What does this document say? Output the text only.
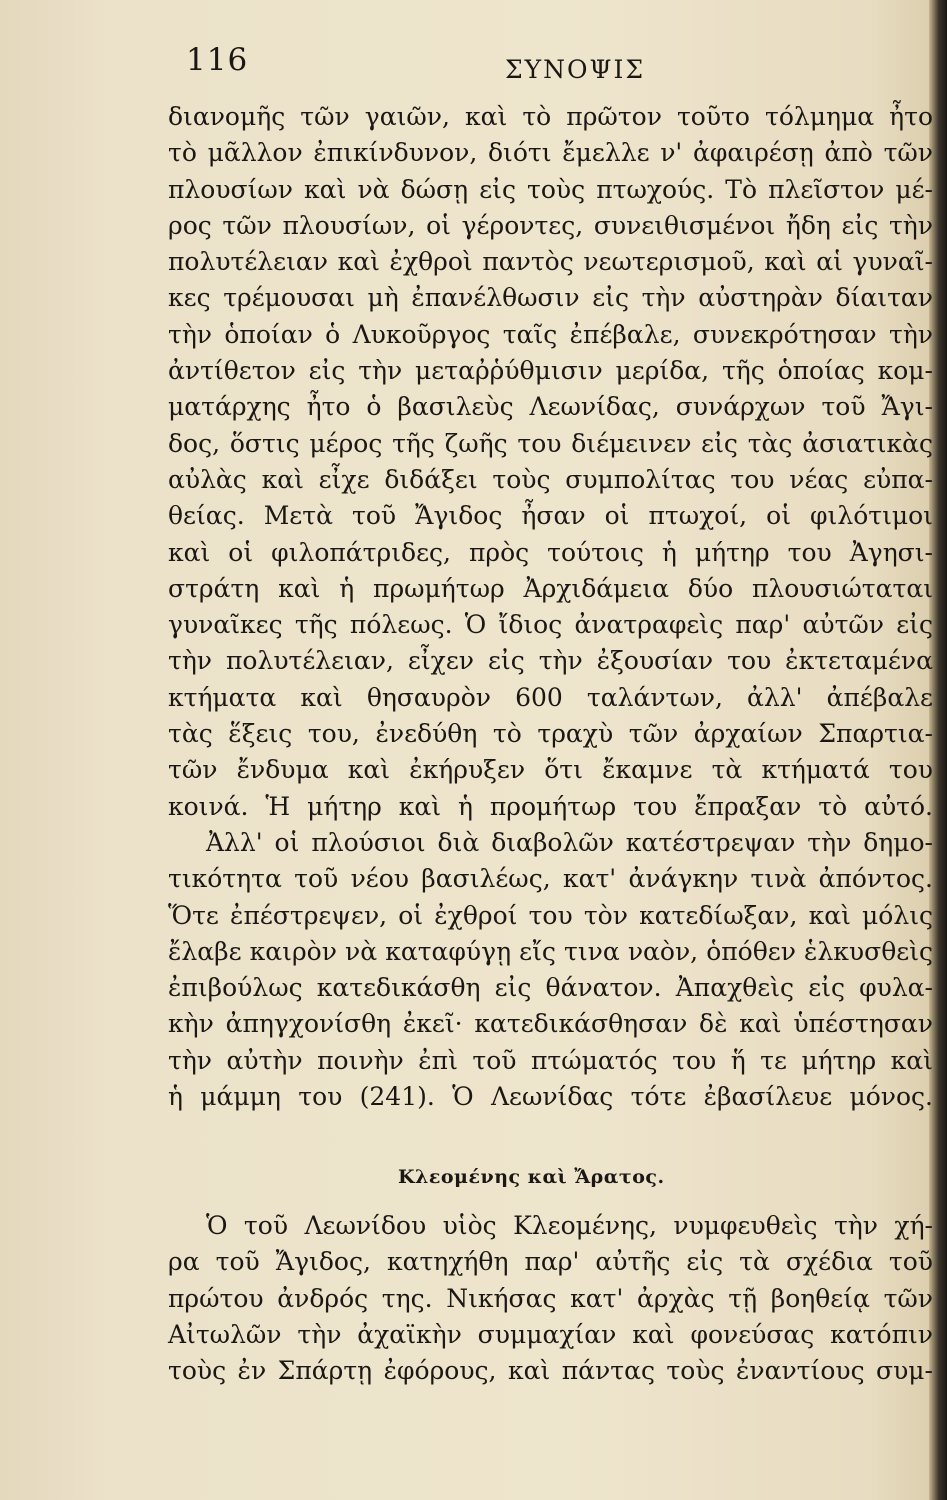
116	ΣΥΝΟΨΙΣ
διανομῆς τῶν γαιῶν, καὶ τὸ πρῶτον τοῦτο τόλμημα ἦτο
τὸ μᾶλλον ἐπικίνδυνον, διότι ἔμελλε ν' ἀφαιρέσῃ ἀπὸ τῶν
πλουσίων καὶ νὰ δώσῃ εἰς τοὺς πτωχούς. Τὸ πλεῖστον μέ-
ρος τῶν πλουσίων, οἱ γέροντες, συνειθισμένοι ἤδη εἰς τὴν
πολυτέλειαν καὶ ἐχθροὶ παντὸς νεωτερισμοῦ, καὶ αἱ γυναῖ-
κες τρέμουσαι μὴ ἐπανέλθωσιν εἰς τὴν αὐστηρὰν δίαιταν
τὴν ὁποίαν ὁ Λυκοῦργος ταῖς ἐπέβαλε, συνεκρότησαν τὴν
ἀντίθετον εἰς τὴν μεταῤῥύθμισιν μερίδα, τῆς ὁποίας κομ-
ματάρχης ἦτο ὁ βασιλεὺς Λεωνίδας, συνάρχων τοῦ Ἄγι-
δος, ὅστις μέρος τῆς ζωῆς του διέμεινεν εἰς τὰς ἀσιατικὰς
αὐλὰς καὶ εἶχε διδάξει τοὺς συμπολίτας του νέας εὐπα-
θείας. Μετὰ τοῦ Ἄγιδος ἦσαν οἱ πτωχοί, οἱ φιλότιμοι
καὶ οἱ φιλοπάτριδες, πρὸς τούτοις ἡ μήτηρ του Ἀγησι-
στράτη καὶ ἡ πρωμήτωρ Ἀρχιδάμεια δύο πλουσιώταται
γυναῖκες τῆς πόλεως. Ὁ ἴδιος ἀνατραφεὶς παρ' αὐτῶν εἰς
τὴν πολυτέλειαν, εἶχεν εἰς τὴν ἐξουσίαν του ἐκτεταμένα
κτήματα καὶ θησαυρὸν 600 ταλάντων, ἀλλ' ἀπέβαλε
τὰς ἕξεις του, ἐνεδύθη τὸ τραχὺ τῶν ἀρχαίων Σπαρτια-
τῶν ἔνδυμα καὶ ἐκήρυξεν ὅτι ἔκαμνε τὰ κτήματά του
κοινά. Ἡ μήτηρ καὶ ἡ προμήτωρ του ἔπραξαν τὸ αὐτό.
Ἀλλ' οἱ πλούσιοι διὰ διαβολῶν κατέστρεψαν τὴν δημο-
τικότητα τοῦ νέου βασιλέως, κατ' ἀνάγκην τινὰ ἀπόντος.
Ὅτε ἐπέστρεψεν, οἱ ἐχθροί του τὸν κατεδίωξαν, καὶ μόλις
ἔλαβε καιρὸν νὰ καταφύγῃ εἴς τινα ναὸν, ὁπόθεν ἑλκυσθεὶς
ἐπιβούλως κατεδικάσθη εἰς θάνατον. Ἀπαχθεὶς εἰς φυλα-
κὴν ἀπηγχονίσθη ἐκεῖ· κατεδικάσθησαν δὲ καὶ ὑπέστησαν
τὴν αὐτὴν ποινὴν ἐπὶ τοῦ πτώματός του ἥ τε μήτηρ καὶ
ἡ μάμμη του (241). Ὁ Λεωνίδας τότε ἐβασίλευε μόνος.
Κλεομένης καὶ Ἄρατος.
Ὁ τοῦ Λεωνίδου υἱὸς Κλεομένης, νυμφευθεὶς τὴν χή-
ρα τοῦ Ἄγιδος, κατηχήθη παρ' αὐτῆς εἰς τὰ σχέδια τοῦ
πρώτου ἀνδρός της. Νικήσας κατ' ἀρχὰς τῇ βοηθείᾳ τῶν
Αἰτωλῶν τὴν ἀχαϊκὴν συμμαχίαν καὶ φονεύσας κατόπιν
τοὺς ἐν Σπάρτῃ ἐφόρους, καὶ πάντας τοὺς ἐναντίους συμ-
